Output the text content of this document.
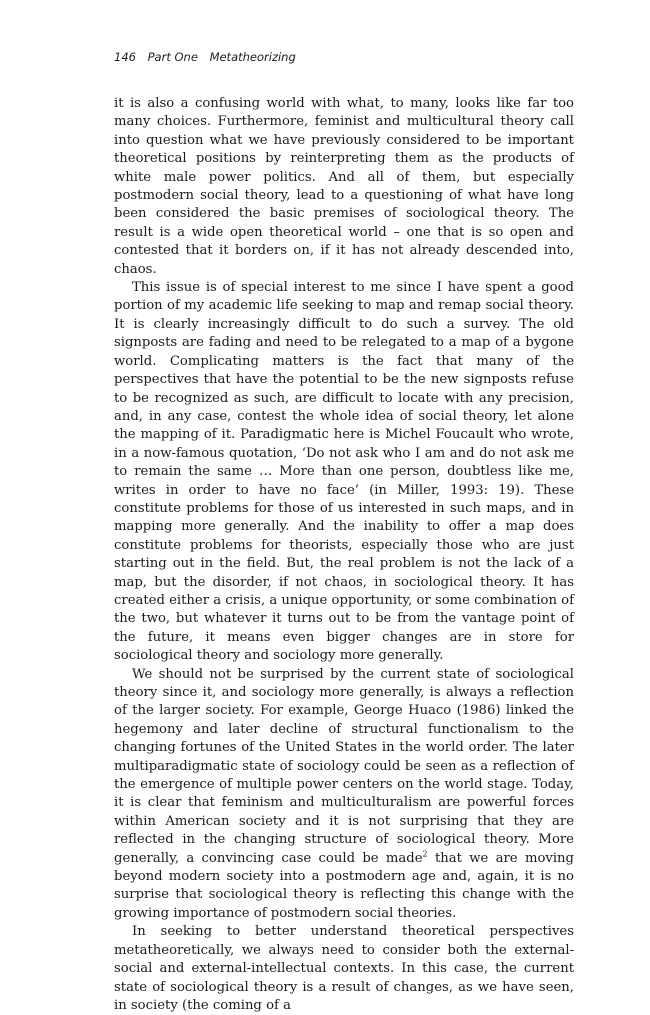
146 Part One Metatheorizing

it is also a confusing world with what, to many, looks like far too many choices. Furthermore, feminist and multicultural theory call into question what we have previously considered to be important theoretical positions by reinterpreting them as the products of white male power politics. And all of them, but especially postmodern social theory, lead to a questioning of what have long been considered the basic premises of sociological theory. The result is a wide open theoretical world – one that is so open and contested that it borders on, if it has not already descended into, chaos.

This issue is of special interest to me since I have spent a good portion of my academic life seeking to map and remap social theory. It is clearly increasingly difficult to do such a survey. The old signposts are fading and need to be relegated to a map of a bygone world. Complicating matters is the fact that many of the perspectives that have the potential to be the new signposts refuse to be recognized as such, are difficult to locate with any precision, and, in any case, contest the whole idea of social theory, let alone the mapping of it. Paradigmatic here is Michel Foucault who wrote, in a now-famous quotation, ‘Do not ask who I am and do not ask me to remain the same … More than one person, doubtless like me, writes in order to have no face’ (in Miller, 1993: 19). These constitute problems for those of us interested in such maps, and in mapping more generally. And the inability to offer a map does constitute problems for theorists, especially those who are just starting out in the field. But, the real problem is not the lack of a map, but the disorder, if not chaos, in sociological theory. It has created either a crisis, a unique opportunity, or some combination of the two, but whatever it turns out to be from the vantage point of the future, it means even bigger changes are in store for sociological theory and sociology more generally.

We should not be surprised by the current state of sociological theory since it, and sociology more generally, is always a reflection of the larger society. For example, George Huaco (1986) linked the hegemony and later decline of structural functionalism to the changing fortunes of the United States in the world order. The later multiparadigmatic state of sociology could be seen as a reflection of the emergence of multiple power centers on the world stage. Today, it is clear that feminism and multiculturalism are powerful forces within American society and it is not surprising that they are reflected in the changing structure of sociological theory. More generally, a convincing case could be made$^2$ that we are moving beyond modern society into a postmodern age and, again, it is no surprise that sociological theory is reflecting this change with the growing importance of postmodern social theories.

In seeking to better understand theoretical perspectives metatheoretically, we always need to consider both the external-social and external-intellectual contexts. In this case, the current state of sociological theory is a result of changes, as we have seen, in society (the coming of a
